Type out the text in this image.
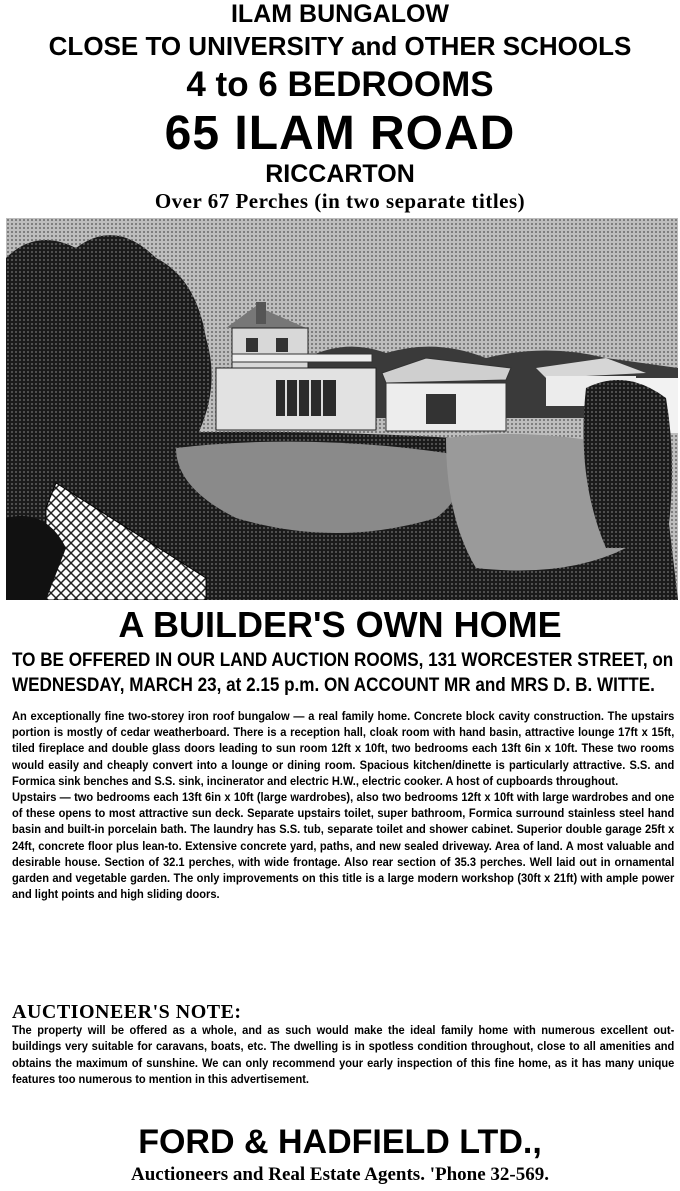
ILAM BUNGALOW
CLOSE TO UNIVERSITY and OTHER SCHOOLS
4 to 6 BEDROOMS
65 ILAM ROAD
RICCARTON
Over 67 Perches (in two separate titles)
A BUILDER'S OWN HOME
TO BE OFFERED IN OUR LAND AUCTION ROOMS, 131 WORCESTER STREET, on
WEDNESDAY, MARCH 23, at 2.15 p.m. ON ACCOUNT MR and MRS D. B. WITTE.

An exceptionally fine two-storey iron roof bungalow — a real family home. Concrete block cavity construction. The upstairs portion is mostly of cedar weatherboard. There is a reception hall, cloak room with hand basin, attractive lounge 17ft x 15ft, tiled fireplace and double glass doors leading to sun room 12ft x 10ft, two bedrooms each 13ft 6in x 10ft. These two rooms would easily and cheaply convert into a lounge or dining room. Spacious kitchen/dinette is particularly attractive. S.S. and Formica sink benches and S.S. sink, incinerator and electric H.W., electric cooker. A host of cupboards throughout.

Upstairs — two bedrooms each 13ft 6in x 10ft (large wardrobes), also two bedrooms 12ft x 10ft with large wardrobes and one of these opens to most attractive sun deck. Separate upstairs toilet, super bathroom, Formica surround stainless steel hand basin and built-in porcelain bath. The laundry has S.S. tub, separate toilet and shower cabinet. Superior double garage 25ft x 24ft, concrete floor plus lean-to. Extensive concrete yard, paths, and new sealed driveway. Area of land. A most valuable and desirable house. Section of 32.1 perches, with wide frontage. Also rear section of 35.3 perches. Well laid out in ornamental garden and vegetable garden. The only improvements on this title is a large modern workshop (30ft x 21ft) with ample power and light points and high sliding doors.

AUCTIONEER'S NOTE:
The property will be offered as a whole, and as such would make the ideal family home with numerous excellent out-buildings very suitable for caravans, boats, etc. The dwelling is in spotless condition throughout, close to all amenities and obtains the maximum of sunshine. We can only recommend your early inspection of this fine home, as it has many unique features too numerous to mention in this advertisement.
FORD & HADFIELD LTD.,
Auctioneers and Real Estate Agents. 'Phone 32-569.
